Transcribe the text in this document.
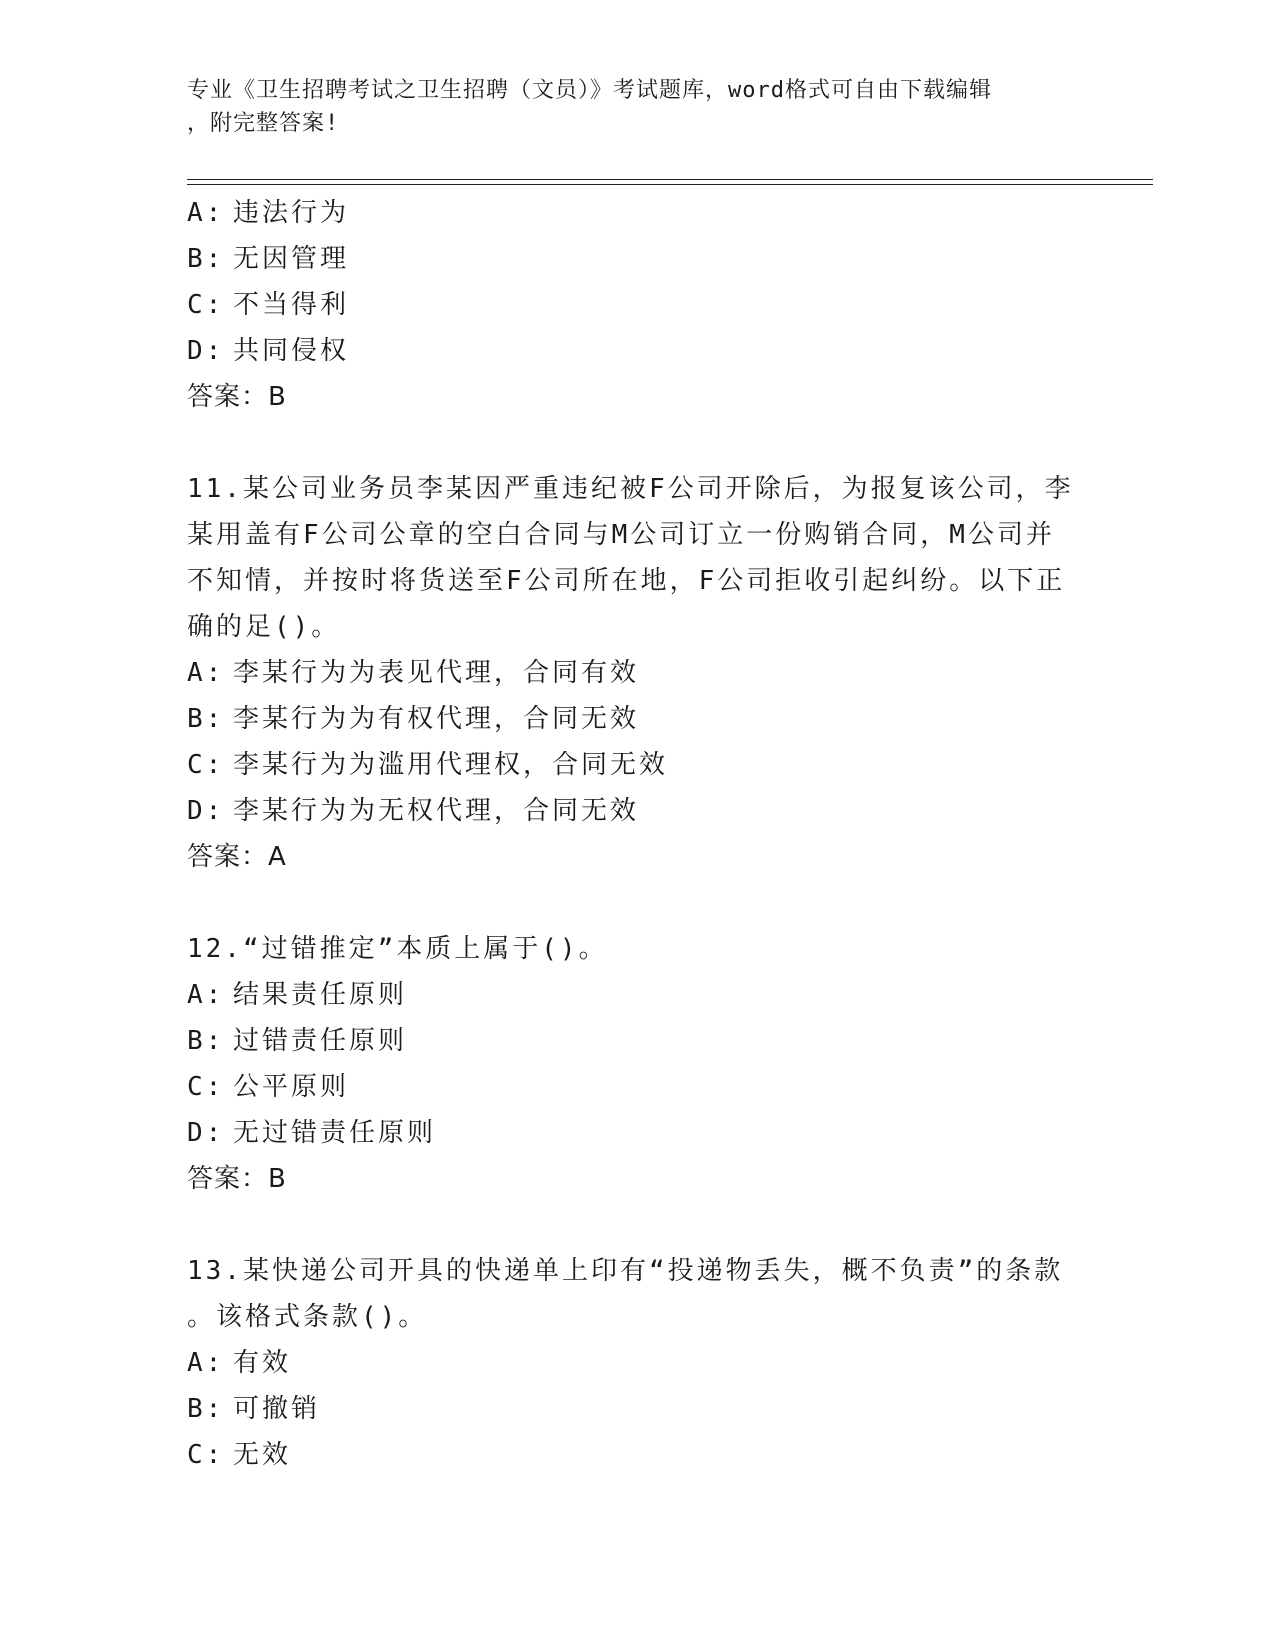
专业《卫生招聘考试之卫生招聘（文员）》考试题库，word格式可自由下载编辑
，附完整答案!
A: 违法行为
B: 无因管理
C: 不当得利
D: 共同侵权
答案：B
11.某公司业务员李某因严重违纪被F公司开除后，为报复该公司，李
某用盖有F公司公章的空白合同与M公司订立一份购销合同，M公司并
不知情，并按时将货送至F公司所在地，F公司拒收引起纠纷。以下正
确的足()。
A: 李某行为为表见代理，合同有效
B: 李某行为为有权代理，合同无效
C: 李某行为为滥用代理权，合同无效
D: 李某行为为无权代理，合同无效
答案：A
12.“过错推定”本质上属于()。
A: 结果责任原则
B: 过错责任原则
C: 公平原则
D: 无过错责任原则
答案：B
13.某快递公司开具的快递单上印有“投递物丢失，概不负责”的条款
。该格式条款()。
A: 有效
B: 可撤销
C: 无效
